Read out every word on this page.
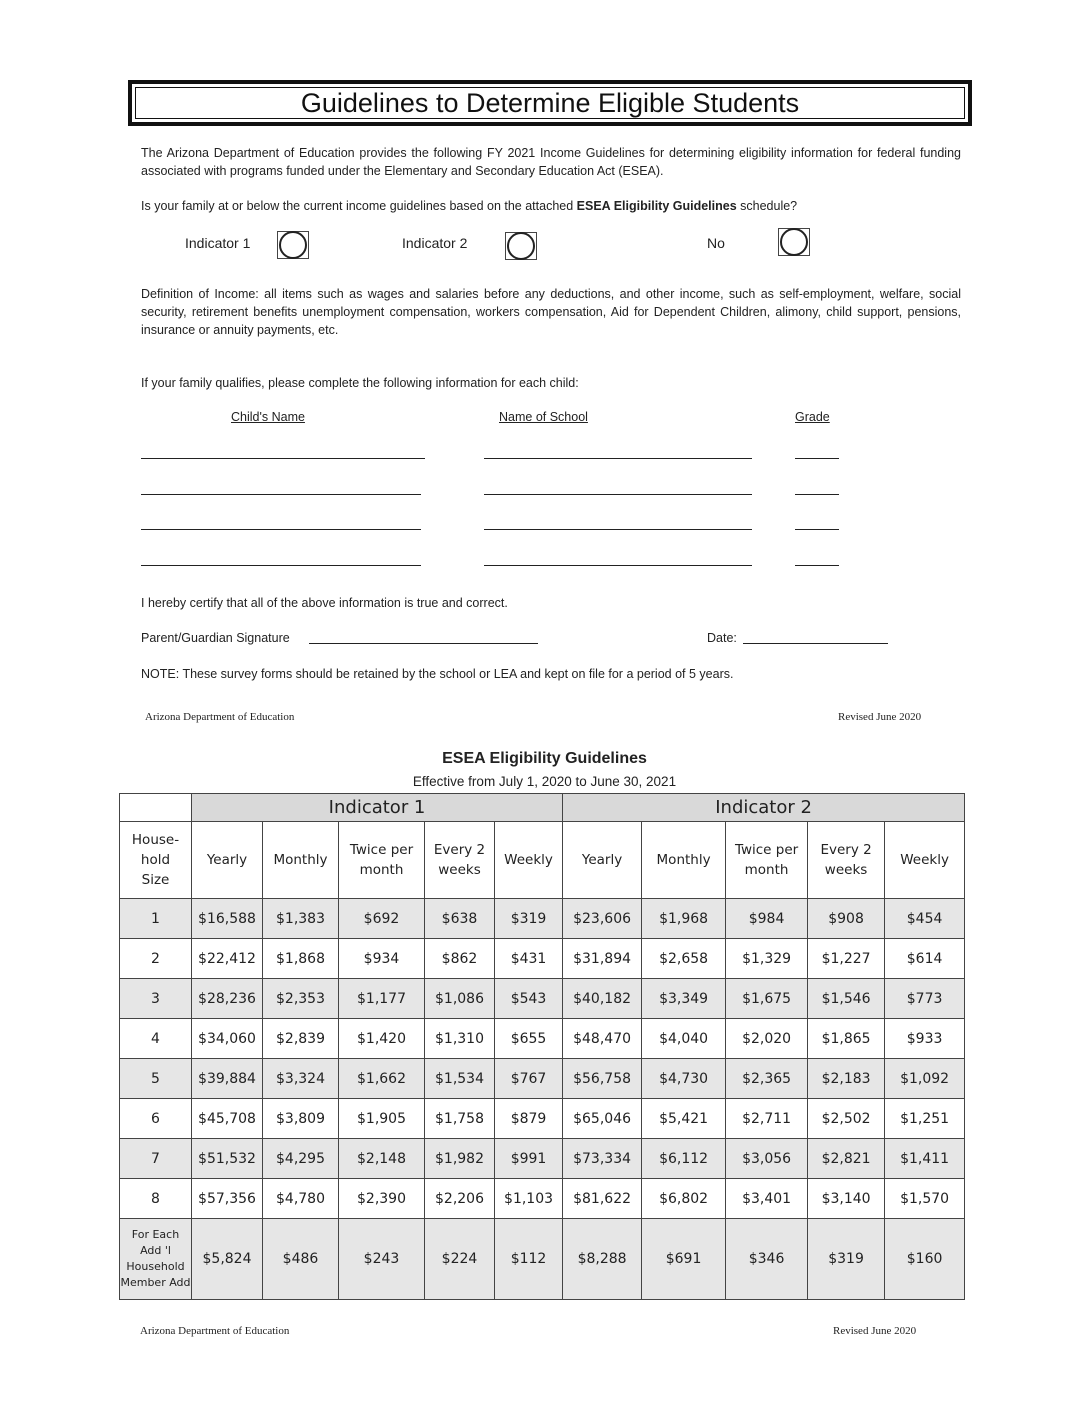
Guidelines to Determine Eligible Students
The Arizona Department of Education provides the following FY 2021 Income Guidelines for determining eligibility information for federal funding associated with programs funded under the Elementary and Secondary Education Act (ESEA).
Is your family at or below the current income guidelines based on the attached ESEA Eligibility Guidelines schedule?
Indicator 1	Indicator 2	No
Definition of Income: all items such as wages and salaries before any deductions, and other income, such as self-employment, welfare, social security, retirement benefits unemployment compensation, workers compensation, Aid for Dependent Children, alimony, child support, pensions, insurance or annuity payments, etc.
If your family qualifies, please complete the following information for each child:
Child's Name	Name of School	Grade
I hereby certify that all of the above information is true and correct.
Parent/Guardian Signature	Date:
NOTE: These survey forms should be retained by the school or LEA and kept on file for a period of 5 years.
Arizona Department of Education	Revised June 2020
ESEA Eligibility Guidelines
Effective from July 1, 2020 to June 30, 2021
	Indicator 1					Indicator 2				
House-
hold
Size	Yearly	Monthly	Twice per month	Every 2 weeks	Weekly	Yearly	Monthly	Twice per month	Every 2 weeks	Weekly
1	$16,588	$1,383	$692	$638	$319	$23,606	$1,968	$984	$908	$454
2	$22,412	$1,868	$934	$862	$431	$31,894	$2,658	$1,329	$1,227	$614
3	$28,236	$2,353	$1,177	$1,086	$543	$40,182	$3,349	$1,675	$1,546	$773
4	$34,060	$2,839	$1,420	$1,310	$655	$48,470	$4,040	$2,020	$1,865	$933
5	$39,884	$3,324	$1,662	$1,534	$767	$56,758	$4,730	$2,365	$2,183	$1,092
6	$45,708	$3,809	$1,905	$1,758	$879	$65,046	$5,421	$2,711	$2,502	$1,251
7	$51,532	$4,295	$2,148	$1,982	$991	$73,334	$6,112	$3,056	$2,821	$1,411
8	$57,356	$4,780	$2,390	$2,206	$1,103	$81,622	$6,802	$3,401	$3,140	$1,570
For Each Add 'l Household Member Add	$5,824	$486	$243	$224	$112	$8,288	$691	$346	$319	$160
Arizona Department of Education	Revised June 2020
